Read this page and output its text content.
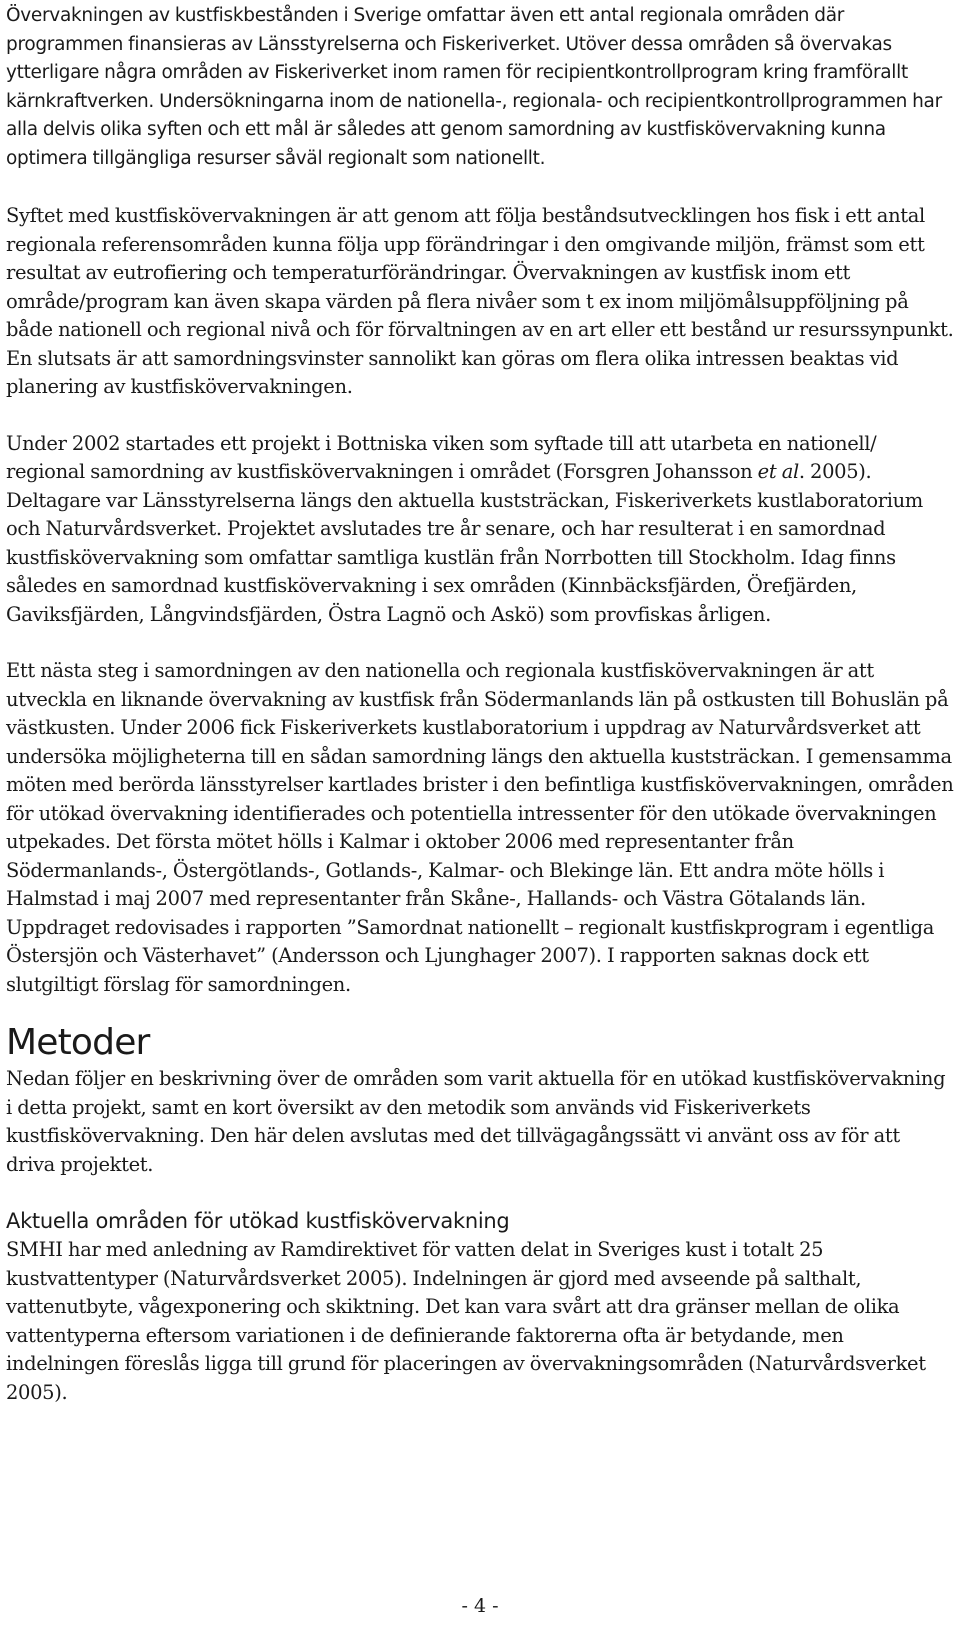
Övervakningen av kustfiskbestånden i Sverige omfattar även ett antal regionala områden där programmen finansieras av Länsstyrelserna och Fiskeriverket. Utöver dessa områden så övervakas ytterligare några områden av Fiskeriverket inom ramen för recipientkontrollprogram kring framförallt kärnkraftverken. Undersökningarna inom de nationella-, regionala- och recipientkontrollprogrammen har alla delvis olika syften och ett mål är således att genom samordning av kustfiskövervakning kunna optimera tillgängliga resurser såväl regionalt som nationellt.

Syftet med kustfiskövervakningen är att genom att följa beståndsutvecklingen hos fisk i ett antal regionala referensområden kunna följa upp förändringar i den omgivande miljön, främst som ett resultat av eutrofiering och temperaturförändringar. Övervakningen av kustfisk inom ett område/program kan även skapa värden på flera nivåer som t ex inom miljömålsuppföljning på både nationell och regional nivå och för förvaltningen av en art eller ett bestånd ur resurssynpunkt. En slutsats är att samordningsvinster sannolikt kan göras om flera olika intressen beaktas vid planering av kustfiskövervakningen.

Under 2002 startades ett projekt i Bottniska viken som syftade till att utarbeta en nationell/ regional samordning av kustfiskövervakningen i området (Forsgren Johansson et al. 2005). Deltagare var Länsstyrelserna längs den aktuella kuststräckan, Fiskeriverkets kustlaboratorium och Naturvårdsverket. Projektet avslutades tre år senare, och har resulterat i en samordnad kustfiskövervakning som omfattar samtliga kustlän från Norrbotten till Stockholm. Idag finns således en samordnad kustfiskövervakning i sex områden (Kinnbäcksfjärden, Örefjärden, Gaviksfjärden, Långvindsfjärden, Östra Lagnö och Askö) som provfiskas årligen.

Ett nästa steg i samordningen av den nationella och regionala kustfiskövervakningen är att utveckla en liknande övervakning av kustfisk från Södermanlands län på ostkusten till Bohuslän på västkusten. Under 2006 fick Fiskeriverkets kustlaboratorium i uppdrag av Naturvårdsverket att undersöka möjligheterna till en sådan samordning längs den aktuella kuststräckan. I gemensamma möten med berörda länsstyrelser kartlades brister i den befintliga kustfiskövervakningen, områden för utökad övervakning identifierades och potentiella intressenter för den utökade övervakningen utpekades. Det första mötet hölls i Kalmar i oktober 2006 med representanter från Södermanlands-, Östergötlands-, Gotlands-, Kalmar- och Blekinge län. Ett andra möte hölls i Halmstad i maj 2007 med representanter från Skåne-, Hallands- och Västra Götalands län. Uppdraget redovisades i rapporten ”Samordnat nationellt – regionalt kustfiskprogram i egentliga Östersjön och Västerhavet” (Andersson och Ljunghager 2007). I rapporten saknas dock ett slutgiltigt förslag för samordningen.

Metoder

Nedan följer en beskrivning över de områden som varit aktuella för en utökad kustfiskövervakning i detta projekt, samt en kort översikt av den metodik som används vid Fiskeriverkets kustfiskövervakning. Den här delen avslutas med det tillvägagångssätt vi använt oss av för att driva projektet.

Aktuella områden för utökad kustfiskövervakning

SMHI har med anledning av Ramdirektivet för vatten delat in Sveriges kust i totalt 25 kustvattentyper (Naturvårdsverket 2005). Indelningen är gjord med avseende på salthalt, vattenutbyte, vågexponering och skiktning. Det kan vara svårt att dra gränser mellan de olika vattentyperna eftersom variationen i de definierande faktorerna ofta är betydande, men indelningen föreslås ligga till grund för placeringen av övervakningsområden (Naturvårdsverket 2005).

- 4 -
